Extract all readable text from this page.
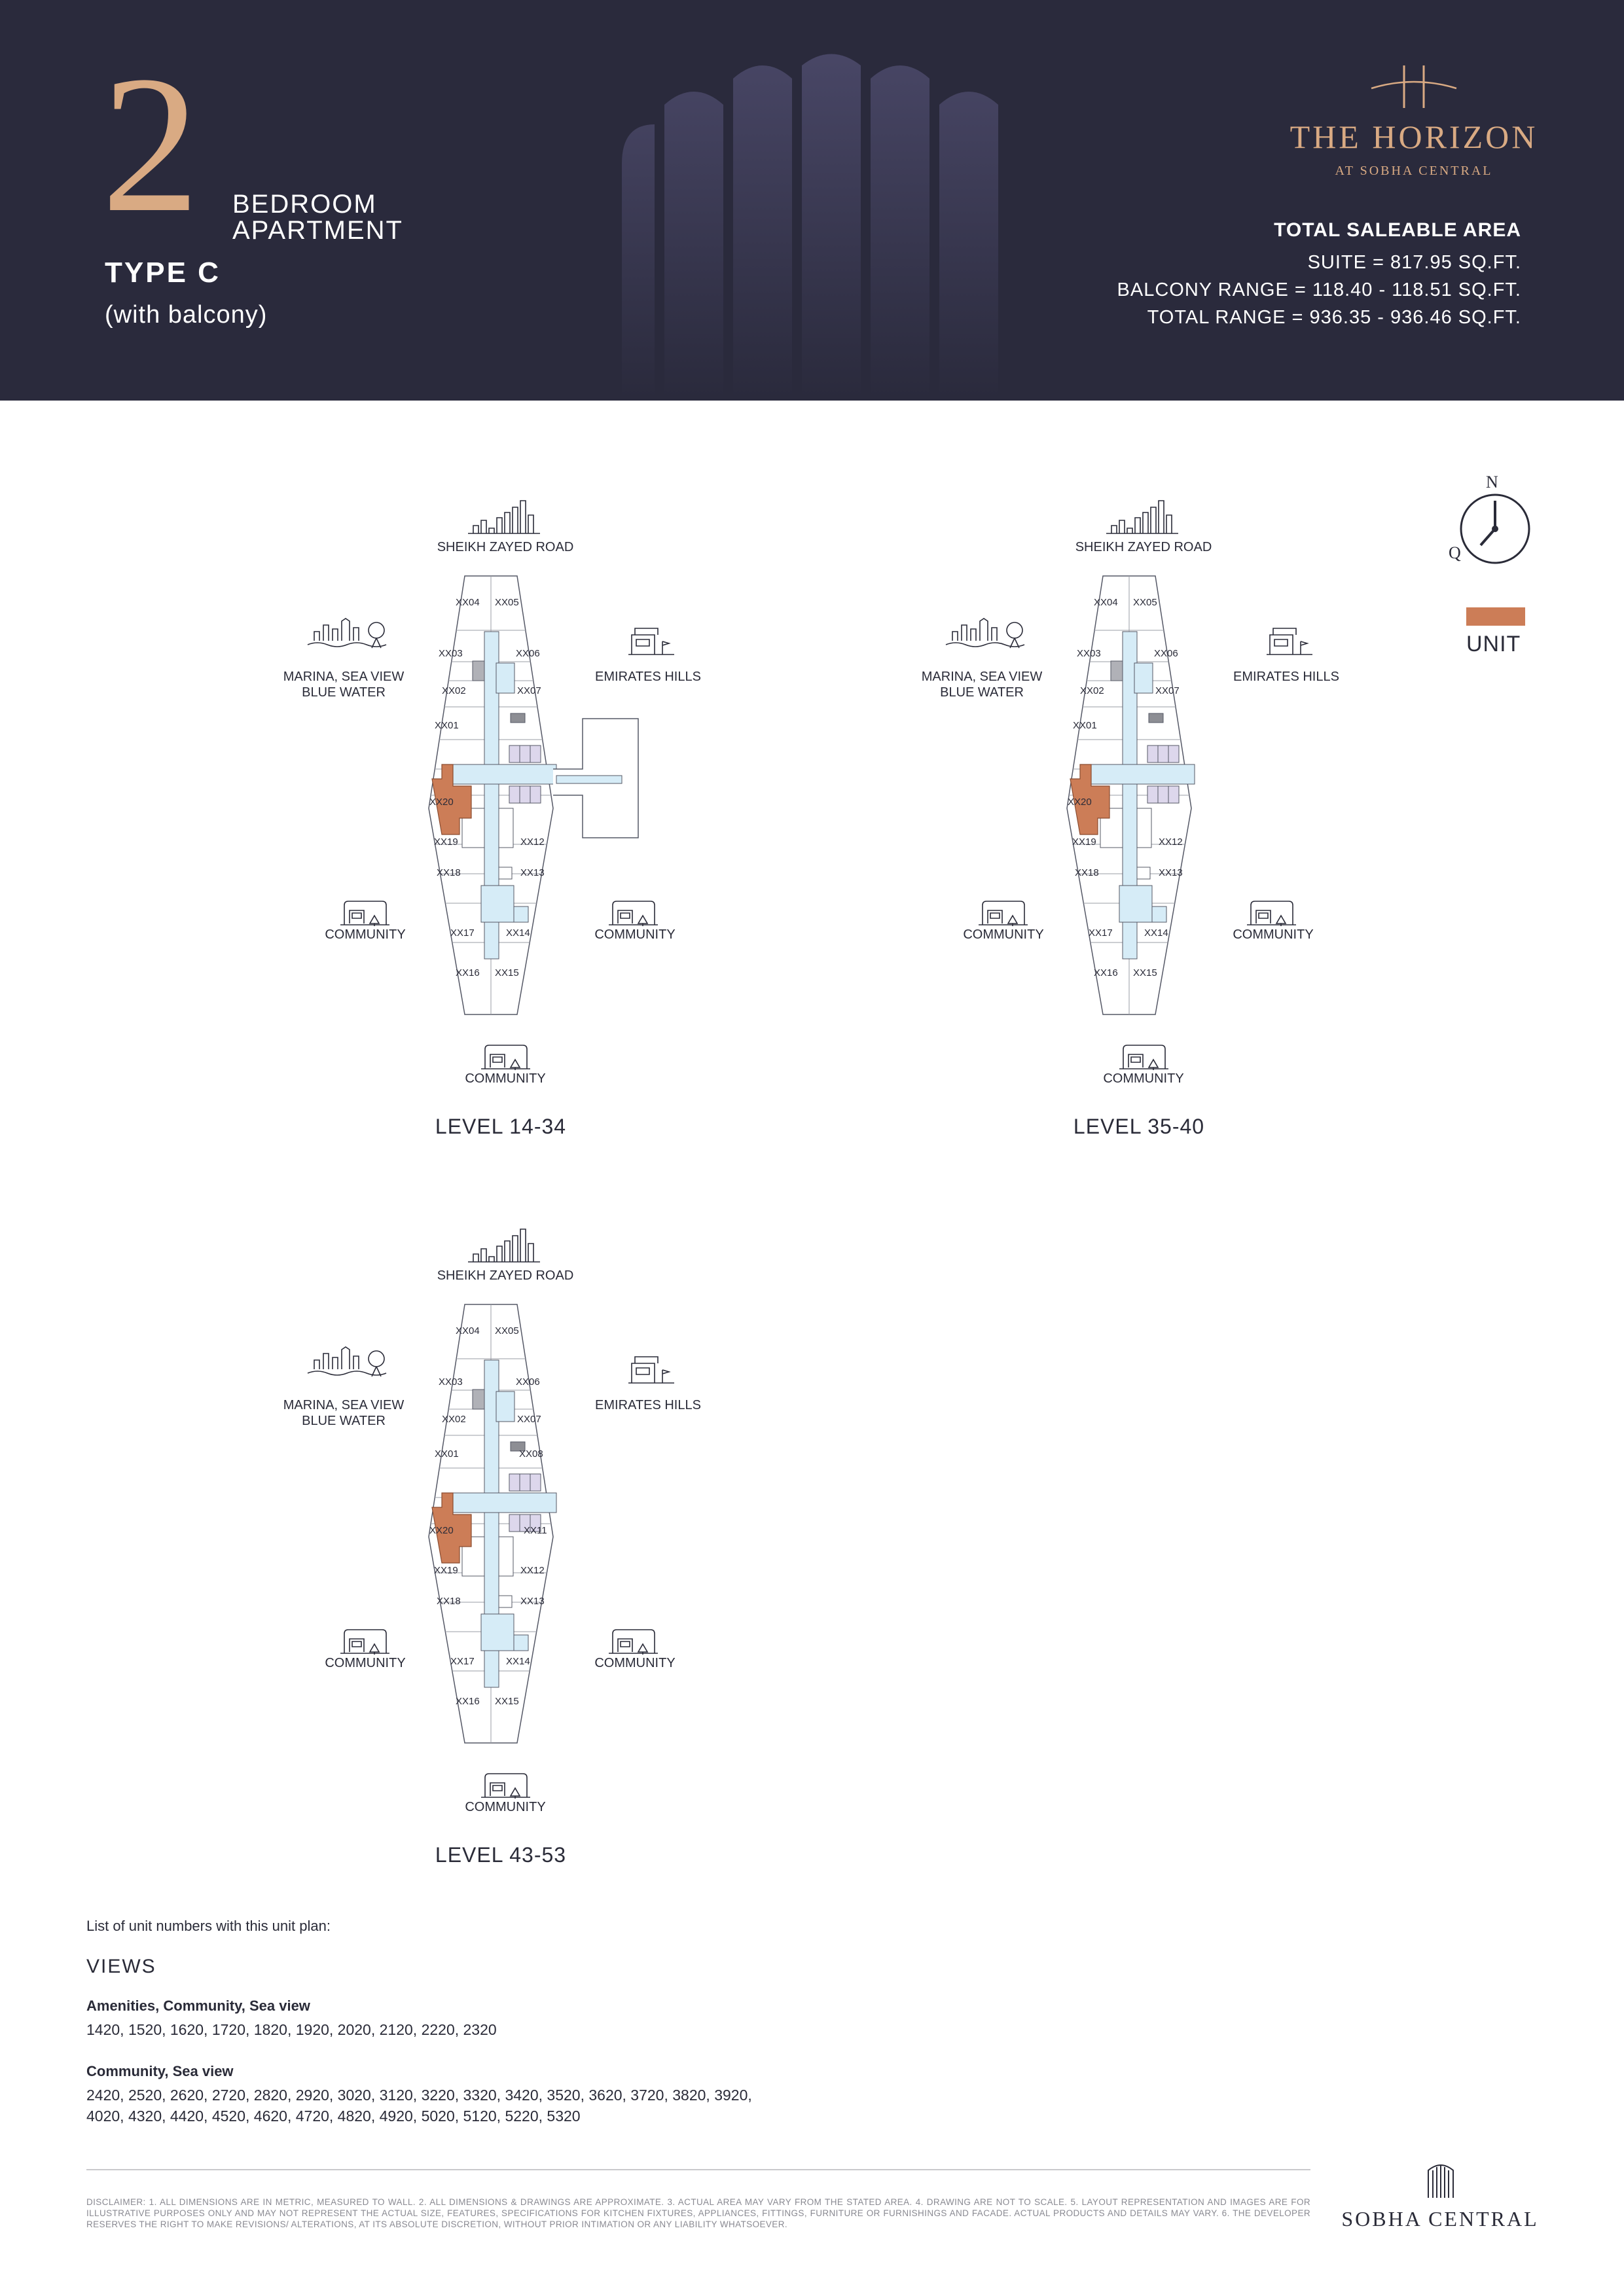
2 BEDROOM
APARTMENT
TYPE C
(with balcony)
THE HORIZON
AT SOBHA CENTRAL
TOTAL SALEABLE AREA
SUITE = 817.95 SQ.FT.
BALCONY RANGE = 118.40 - 118.51 SQ.FT.
TOTAL RANGE = 936.35 - 936.46 SQ.FT.
SHEIKH ZAYED ROAD
MARINA, SEA VIEW
BLUE WATER
EMIRATES HILLS
COMMUNITY	COMMUNITY
COMMUNITY
XX04 XX05
XX03	XX06
XX02	XX07
XX01
XX20
XX19	XX12
XX18	XX13
XX17	XX14
XX16 XX15
LEVEL 14-34
SHEIKH ZAYED ROAD
MARINA, SEA VIEW
BLUE WATER
EMIRATES HILLS
COMMUNITY	COMMUNITY
COMMUNITY
XX04 XX05
XX03	XX06
XX02	XX07
XX01
XX20
XX19	XX12
XX18	XX13
XX17	XX14
XX16 XX15
LEVEL 35-40
SHEIKH ZAYED ROAD
MARINA, SEA VIEW
BLUE WATER
EMIRATES HILLS
COMMUNITY	COMMUNITY
COMMUNITY
XX04 XX05
XX03	XX06
XX02	XX07
XX01	XX08
XX20	XX11
XX19	XX12
XX18	XX13
XX17	XX14
XX16 XX15
LEVEL 43-53
N
Q
UNIT
List of unit numbers with this unit plan:
VIEWS
Amenities, Community, Sea view
1420, 1520, 1620, 1720, 1820, 1920, 2020, 2120, 2220, 2320
Community, Sea view
2420, 2520, 2620, 2720, 2820, 2920, 3020, 3120, 3220, 3320, 3420, 3520, 3620, 3720, 3820, 3920,
4020, 4320, 4420, 4520, 4620, 4720, 4820, 4920, 5020, 5120, 5220, 5320
DISCLAIMER: 1. ALL DIMENSIONS ARE IN METRIC, MEASURED TO WALL. 2. ALL DIMENSIONS & DRAWINGS ARE APPROXIMATE. 3. ACTUAL AREA MAY VARY FROM THE STATED AREA. 4. DRAWING ARE NOT TO SCALE. 5. LAYOUT REPRESENTATION AND IMAGES ARE FOR ILLUSTRATIVE PURPOSES ONLY AND MAY NOT REPRESENT THE ACTUAL SIZE, FEATURES, SPECIFICATIONS FOR KITCHEN FIXTURES, APPLIANCES, FITTINGS, FURNITURE OR FURNISHINGS AND FACADE. ACTUAL PRODUCTS AND DETAILS MAY VARY. 6. THE DEVELOPER RESERVES THE RIGHT TO MAKE REVISIONS/ ALTERATIONS, AT ITS ABSOLUTE DISCRETION, WITHOUT PRIOR INTIMATION OR ANY LIABILITY WHATSOEVER.	SOBHA CENTRAL
